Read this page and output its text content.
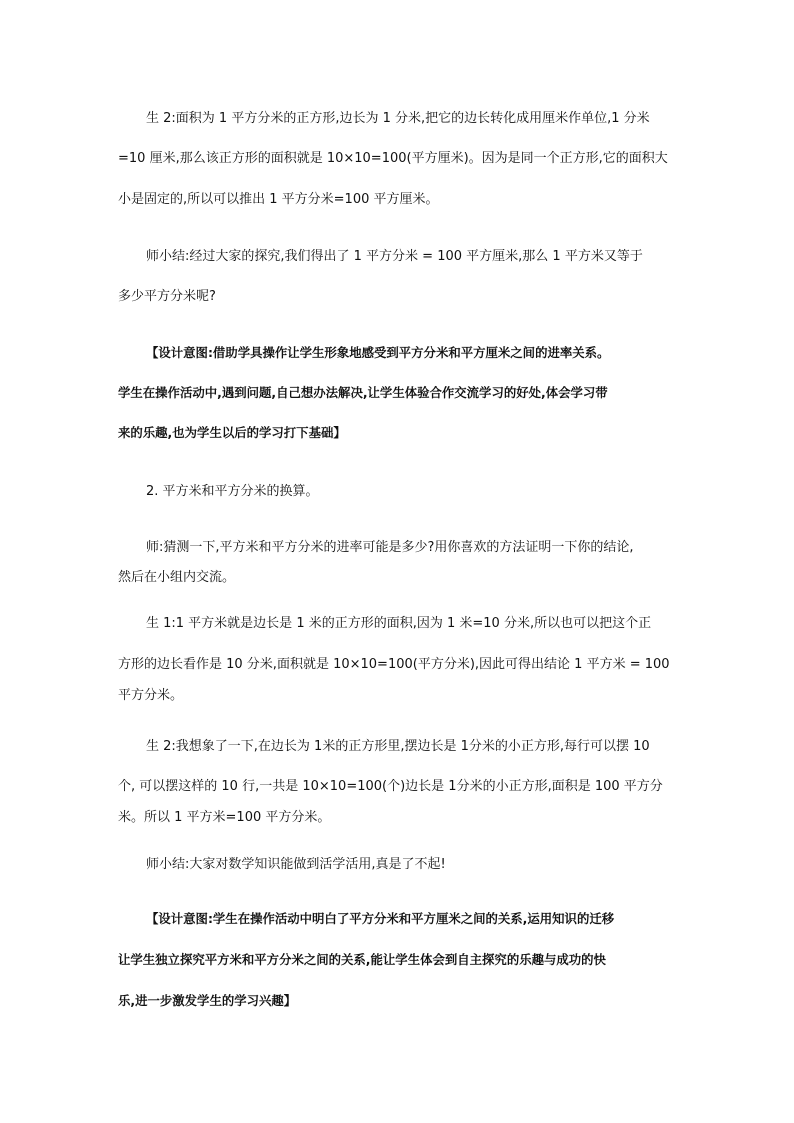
生 2:面积为 1 平方分米的正方形,边长为 1 分米,把它的边长转化成用厘米作单位,1 分米
=10 厘米,那么该正方形的面积就是 10×10=100(平方厘米)。因为是同一个正方形,它的面积大
小是固定的,所以可以推出 1 平方分米=100 平方厘米。
师小结:经过大家的探究,我们得出了 1 平方分米 = 100 平方厘米,那么 1 平方米又等于
多少平方分米呢?
【设计意图:借助学具操作让学生形象地感受到平方分米和平方厘米之间的进率关系。
学生在操作活动中,遇到问题,自己想办法解决,让学生体验合作交流学习的好处,体会学习带
来的乐趣,也为学生以后的学习打下基础】
2. 平方米和平方分米的换算。
师:猜测一下,平方米和平方分米的进率可能是多少?用你喜欢的方法证明一下你的结论,
然后在小组内交流。
生 1:1 平方米就是边长是 1 米的正方形的面积,因为 1 米=10 分米,所以也可以把这个正
方形的边长看作是 10 分米,面积就是 10×10=100(平方分米),因此可得出结论 1 平方米 = 100
平方分米。
生 2:我想象了一下,在边长为 1米的正方形里,摆边长是 1分米的小正方形,每行可以摆 10
个, 可以摆这样的 10 行,一共是 10×10=100(个)边长是 1分米的小正方形,面积是 100 平方分
米。所以 1 平方米=100 平方分米。
师小结:大家对数学知识能做到活学活用,真是了不起!
【设计意图:学生在操作活动中明白了平方分米和平方厘米之间的关系,运用知识的迁移
让学生独立探究平方米和平方分米之间的关系,能让学生体会到自主探究的乐趣与成功的快
乐,进一步激发学生的学习兴趣】
